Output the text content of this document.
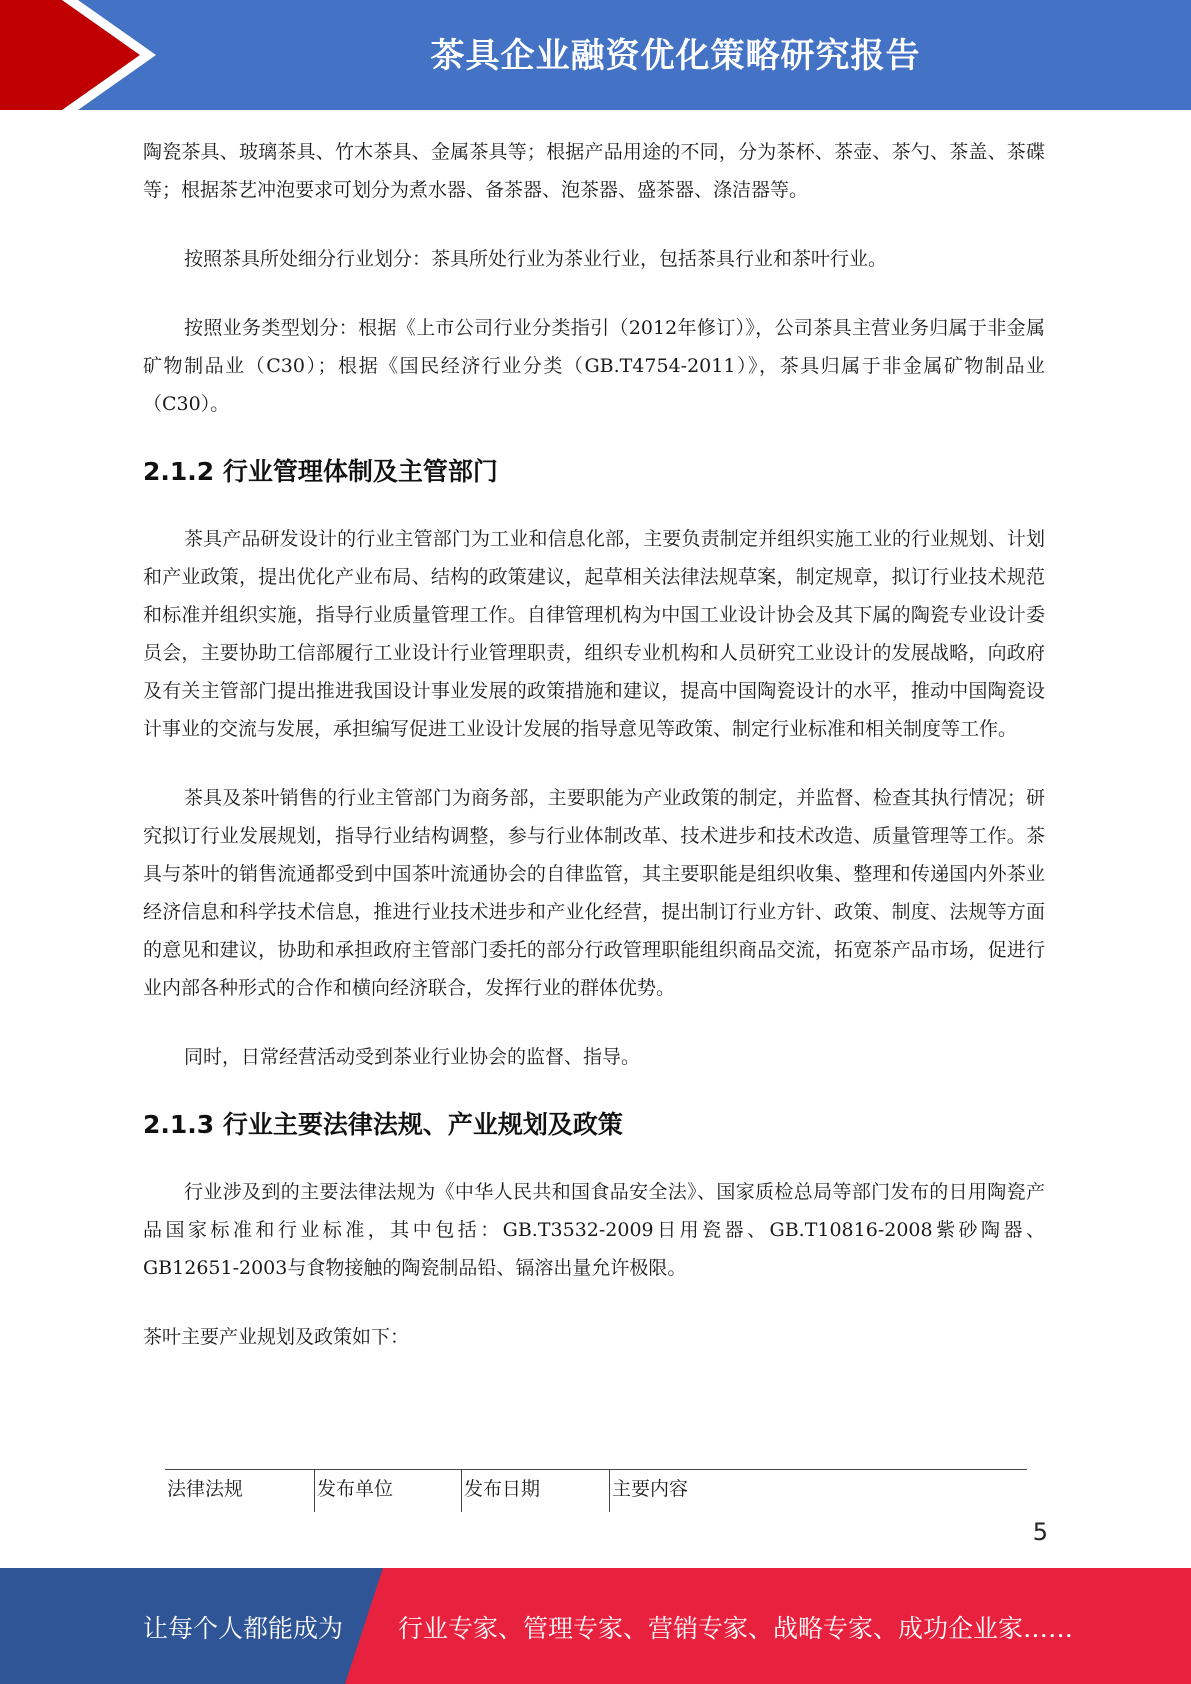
茶具企业融资优化策略研究报告

陶瓷茶具、玻璃茶具、竹木茶具、金属茶具等；根据产品用途的不同，分为茶杯、茶壶、茶勺、茶盖、茶碟等；根据茶艺冲泡要求可划分为煮水器、备茶器、泡茶器、盛茶器、涤洁器等。

按照茶具所处细分行业划分：茶具所处行业为茶业行业，包括茶具行业和茶叶行业。

按照业务类型划分：根据《上市公司行业分类指引（2012年修订）》，公司茶具主营业务归属于非金属矿物制品业（C30）；根据《国民经济行业分类（GB.T4754-2011）》，茶具归属于非金属矿物制品业（C30）。

2.1.2 行业管理体制及主管部门

茶具产品研发设计的行业主管部门为工业和信息化部，主要负责制定并组织实施工业的行业规划、计划和产业政策，提出优化产业布局、结构的政策建议，起草相关法律法规草案，制定规章，拟订行业技术规范和标准并组织实施，指导行业质量管理工作。自律管理机构为中国工业设计协会及其下属的陶瓷专业设计委员会，主要协助工信部履行工业设计行业管理职责，组织专业机构和人员研究工业设计的发展战略，向政府及有关主管部门提出推进我国设计事业发展的政策措施和建议，提高中国陶瓷设计的水平，推动中国陶瓷设计事业的交流与发展，承担编写促进工业设计发展的指导意见等政策、制定行业标准和相关制度等工作。

茶具及茶叶销售的行业主管部门为商务部，主要职能为产业政策的制定，并监督、检查其执行情况；研究拟订行业发展规划，指导行业结构调整，参与行业体制改革、技术进步和技术改造、质量管理等工作。茶具与茶叶的销售流通都受到中国茶叶流通协会的自律监管，其主要职能是组织收集、整理和传递国内外茶业经济信息和科学技术信息，推进行业技术进步和产业化经营，提出制订行业方针、政策、制度、法规等方面的意见和建议，协助和承担政府主管部门委托的部分行政管理职能组织商品交流，拓宽茶产品市场，促进行业内部各种形式的合作和横向经济联合，发挥行业的群体优势。

同时，日常经营活动受到茶业行业协会的监督、指导。

2.1.3 行业主要法律法规、产业规划及政策

行业涉及到的主要法律法规为《中华人民共和国食品安全法》、国家质检总局等部门发布的日用陶瓷产品国家标准和行业标准，其中包括：GB.T3532-2009日用瓷器、GB.T10816-2008紫砂陶器、GB12651-2003与食物接触的陶瓷制品铅、镉溶出量允许极限。

茶叶主要产业规划及政策如下：

法律法规	发布单位	发布日期	主要内容
5
让每个人都能成为 行业专家、管理专家、营销专家、战略专家、成功企业家……
